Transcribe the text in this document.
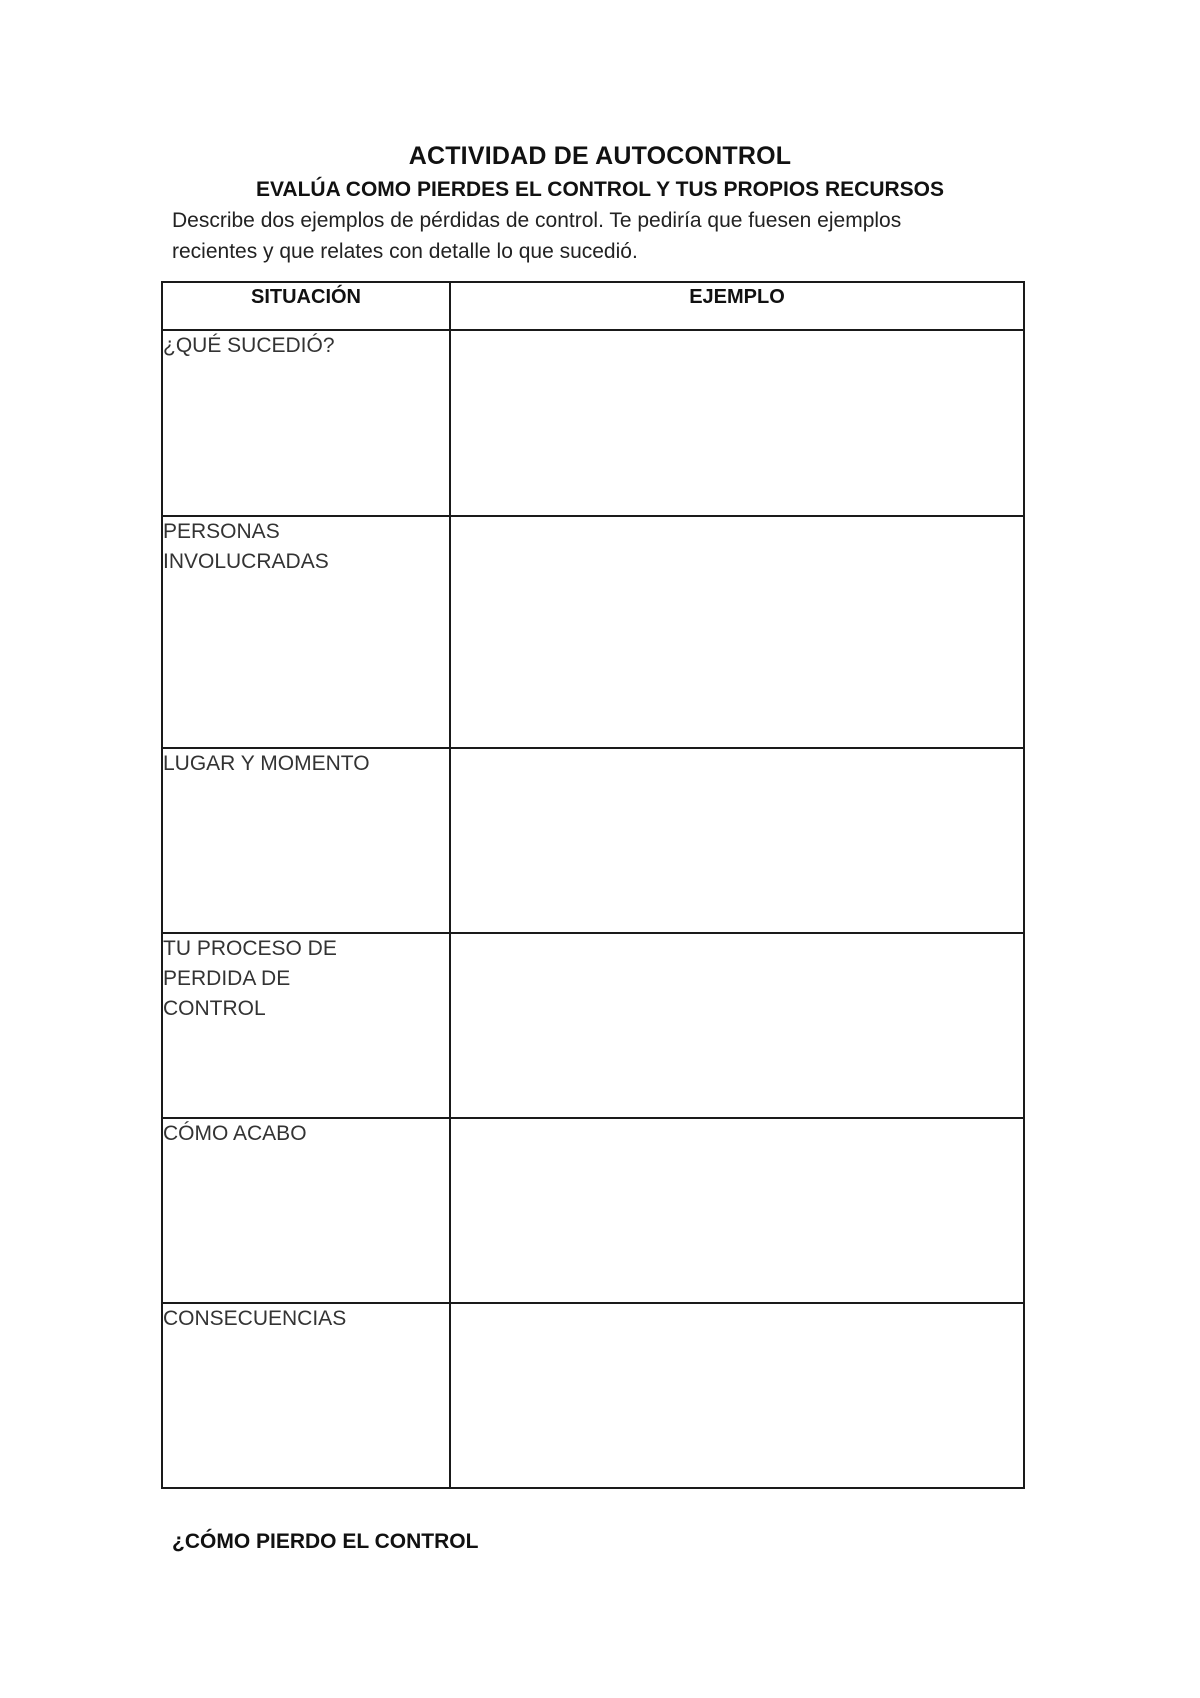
ACTIVIDAD DE AUTOCONTROL
EVALÚA COMO PIERDES EL CONTROL Y TUS PROPIOS RECURSOS
Describe dos ejemplos de pérdidas de control. Te pediría que fuesen ejemplos
recientes y que relates con detalle lo que sucedió.
SITUACIÓN	EJEMPLO

¿QUÉ SUCEDIÓ?	

PERSONAS
INVOLUCRADAS	

LUGAR Y MOMENTO	

TU PROCESO DE
PERDIDA DE
CONTROL	

CÓMO ACABO	

CONSECUENCIAS	

¿CÓMO PIERDO EL CONTROL
